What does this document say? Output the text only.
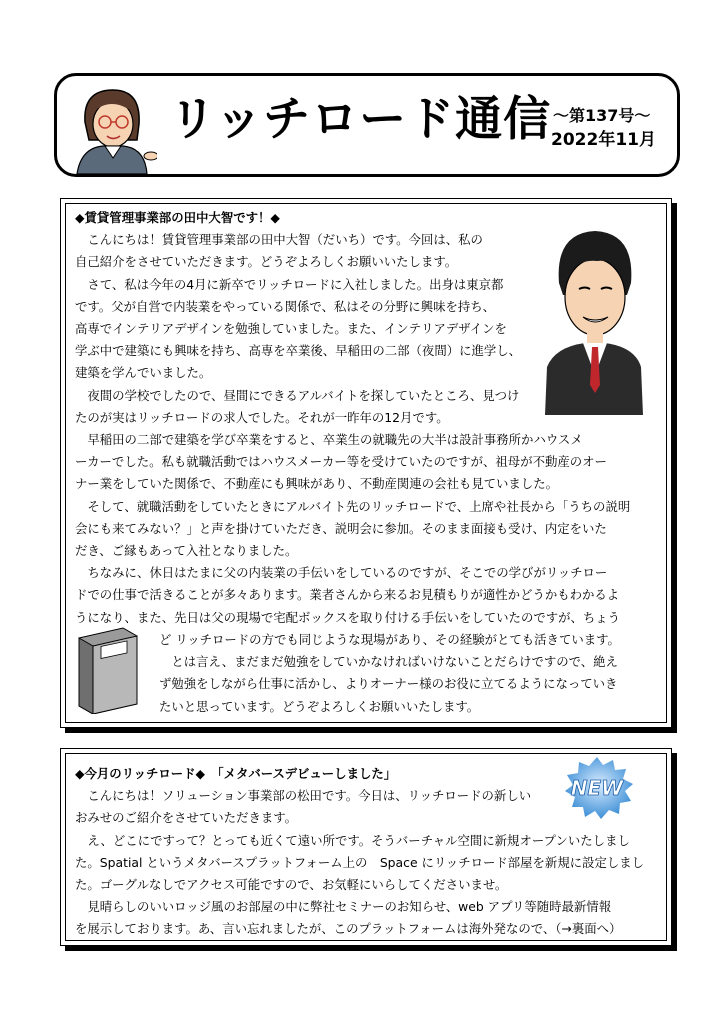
リッチロード通信 ～第137号～
2022年11月
◆賃貸管理事業部の田中大智です！◆
　こんにちは！賃貸管理事業部の田中大智（だいち）です。今回は、私の
自己紹介をさせていただきます。どうぞよろしくお願いいたします。
　さて、私は今年の4月に新卒でリッチロードに入社しました。出身は東京都
です。父が自営で内装業をやっている関係で、私はその分野に興味を持ち、
高専でインテリアデザインを勉強していました。また、インテリアデザインを
学ぶ中で建築にも興味を持ち、高専を卒業後、早稲田の二部（夜間）に進学し、
建築を学んでいました。
　夜間の学校でしたので、昼間にできるアルバイトを探していたところ、見つけ
たのが実はリッチロードの求人でした。それが一昨年の12月です。
　早稲田の二部で建築を学び卒業をすると、卒業生の就職先の大半は設計事務所かハウスメ
ーカーでした。私も就職活動ではハウスメーカー等を受けていたのですが、祖母が不動産のオー
ナー業をしていた関係で、不動産にも興味があり、不動産関連の会社も見ていました。
　そして、就職活動をしていたときにアルバイト先のリッチロードで、上席や社長から「うちの説明
会にも来てみない？」と声を掛けていただき、説明会に参加。そのまま面接も受け、内定をいた
だき、ご縁もあって入社となりました。
　ちなみに、休日はたまに父の内装業の手伝いをしているのですが、そこでの学びがリッチロー
ドでの仕事で活きることが多々あります。業者さんから来るお見積もりが適性かどうかもわかるよ
うになり、また、先日は父の現場で宅配ボックスを取り付ける手伝いをしていたのですが、ちょう
ど リッチロードの方でも同じような現場があり、その経験がとても活きています。
　とは言え、まだまだ勉強をしていかなければいけないことだらけですので、絶え
ず勉強をしながら仕事に活かし、よりオーナー様のお役に立てるようになっていき
たいと思っています。どうぞよろしくお願いいたします。
◆今月のリッチロード◆　「メタバースデビューしました」
　こんにちは！ソリューション事業部の松田です。今日は、リッチロードの新しい
おみせのご紹介をさせていただきます。
　え、どこにですって？とっても近くて遠い所です。そうバーチャル空間に新規オープンいたしまし
た。Spatial というメタバースプラットフォーム上の　Space にリッチロード部屋を新規に設定しまし
た。ゴーグルなしでアクセス可能ですので、お気軽にいらしてくださいませ。
　見晴らしのいいロッジ風のお部屋の中に弊社セミナーのお知らせ、web アプリ等随時最新情報
を展示しております。あ、言い忘れましたが、このプラットフォームは海外発なので、（→裏面へ）
NEW
